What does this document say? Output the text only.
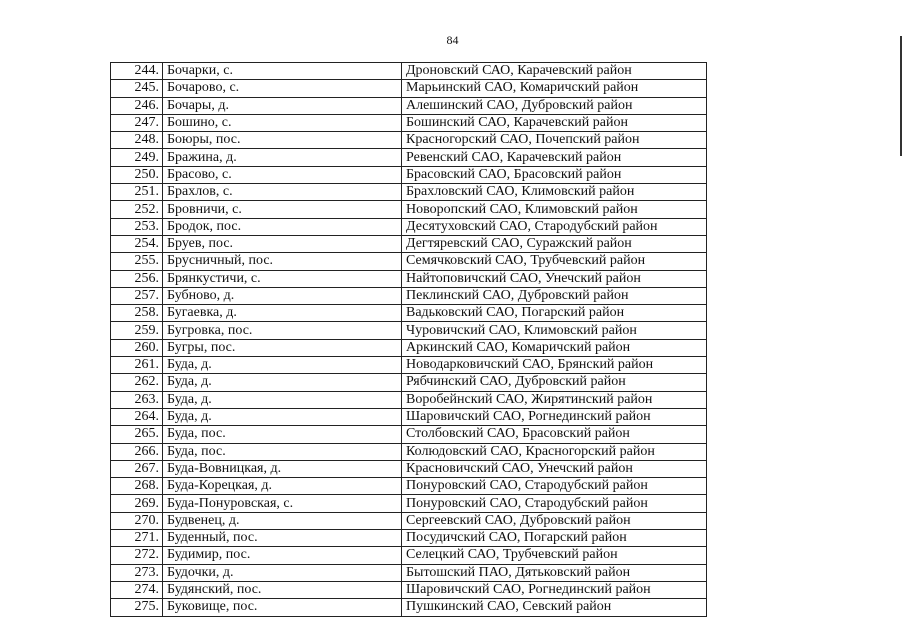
84
244.	Бочарки, с.	Дроновский САО, Карачевский район
245.	Бочарово, с.	Марьинский САО, Комаричский район
246.	Бочары, д.	Алешинский САО, Дубровский район
247.	Бошино, с.	Бошинский САО, Карачевский район
248.	Боюры, пос.	Красногорский САО, Почепский район
249.	Бражина, д.	Ревенский САО, Карачевский район
250.	Брасово, с.	Брасовский САО, Брасовский район
251.	Брахлов, с.	Брахловский САО, Климовский район
252.	Бровничи, с.	Новоропский САО, Климовский район
253.	Бродок, пос.	Десятуховский САО, Стародубский район
254.	Бруев, пос.	Дегтяревский САО, Суражский район
255.	Брусничный, пос.	Семячковский САО, Трубчевский район
256.	Брянкустичи, с.	Найтоповичский САО, Унечский район
257.	Бубново, д.	Пеклинский САО, Дубровский район
258.	Бугаевка, д.	Вадьковский САО, Погарский район
259.	Бугровка, пос.	Чуровичский САО, Климовский район
260.	Бугры, пос.	Аркинский САО, Комаричский район
261.	Буда, д.	Новодарковичский САО, Брянский район
262.	Буда, д.	Рябчинский САО, Дубровский район
263.	Буда, д.	Воробейнский САО, Жирятинский район
264.	Буда, д.	Шаровичский САО, Рогнединский район
265.	Буда, пос.	Столбовский САО, Брасовский район
266.	Буда, пос.	Колюдовский САО, Красногорский район
267.	Буда-Вовницкая, д.	Красновичский САО, Унечский район
268.	Буда-Корецкая, д.	Понуровский САО, Стародубский район
269.	Буда-Понуровская, с.	Понуровский САО, Стародубский район
270.	Будвенец, д.	Сергеевский САО, Дубровский район
271.	Буденный, пос.	Посудичский САО, Погарский район
272.	Будимир, пос.	Селецкий САО, Трубчевский район
273.	Будочки, д.	Бытошский ПАО, Дятьковский район
274.	Будянский, пос.	Шаровичский САО, Рогнединский район
275.	Буковище, пос.	Пушкинский САО, Севский район
